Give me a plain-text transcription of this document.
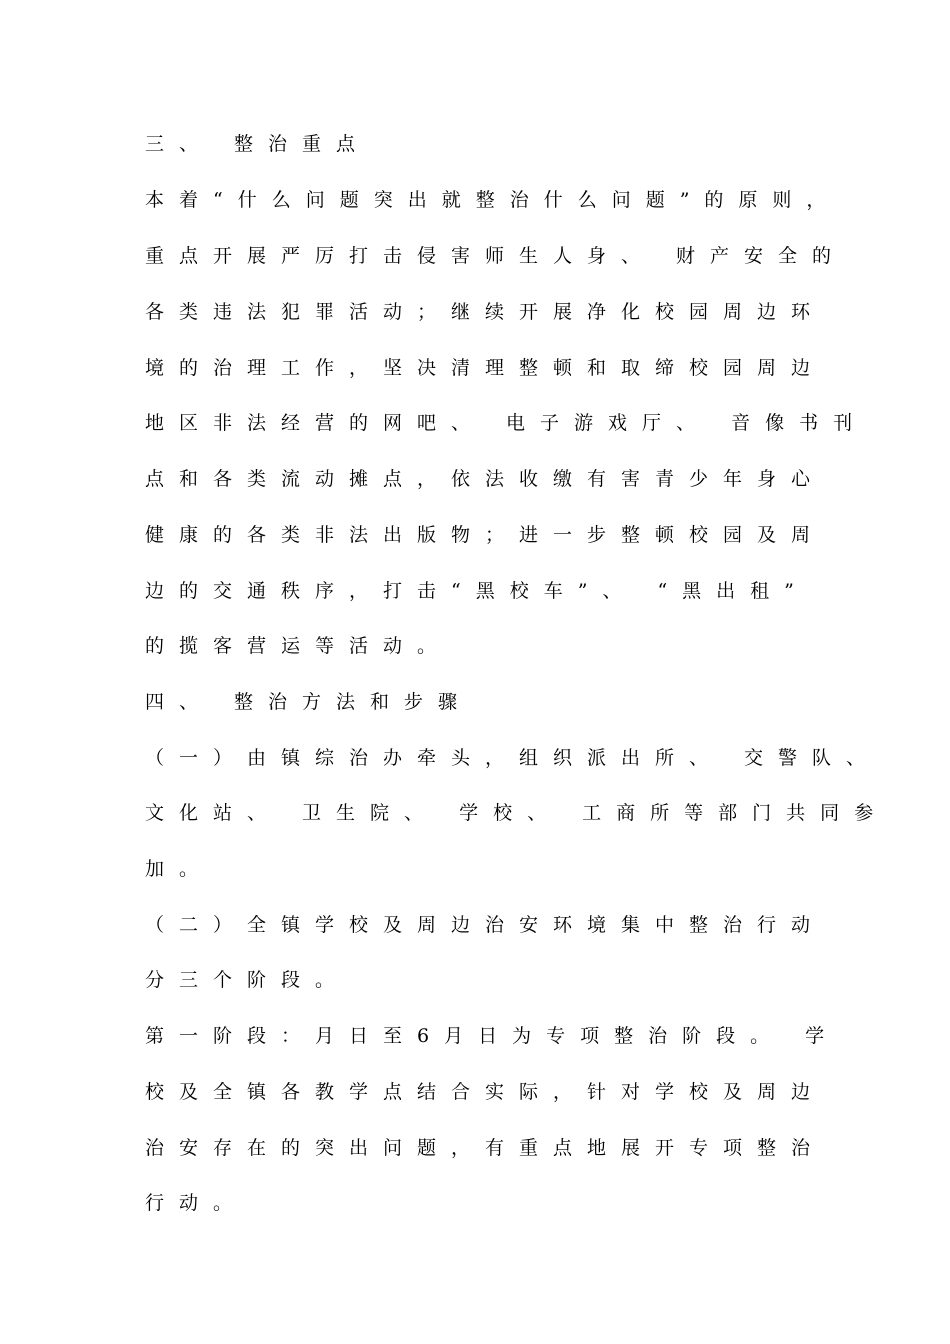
三、 整治重点
本着“什么问题突出就整治什么问题”的原则，
重点开展严厉打击侵害师生人身、 财产安全的
各类违法犯罪活动；继续开展净化校园周边环
境的治理工作，坚决清理整顿和取缔校园周边
地区非法经营的网吧、 电子游戏厅、 音像书刊
点和各类流动摊点，依法收缴有害青少年身心
健康的各类非法出版物；进一步整顿校园及周
边的交通秩序，打击“黑校车”、 “黑出租”
的揽客营运等活动。
四、 整治方法和步骤
（一）由镇综治办牵头，组织派出所、 交警队、
文化站、 卫生院、 学校、 工商所等部门共同参
加。
（二）全镇学校及周边治安环境集中整治行动
分三个阶段。
第一阶段：月日至6月日为专项整治阶段。 学
校及全镇各教学点结合实际，针对学校及周边
治安存在的突出问题，有重点地展开专项整治
行动。
